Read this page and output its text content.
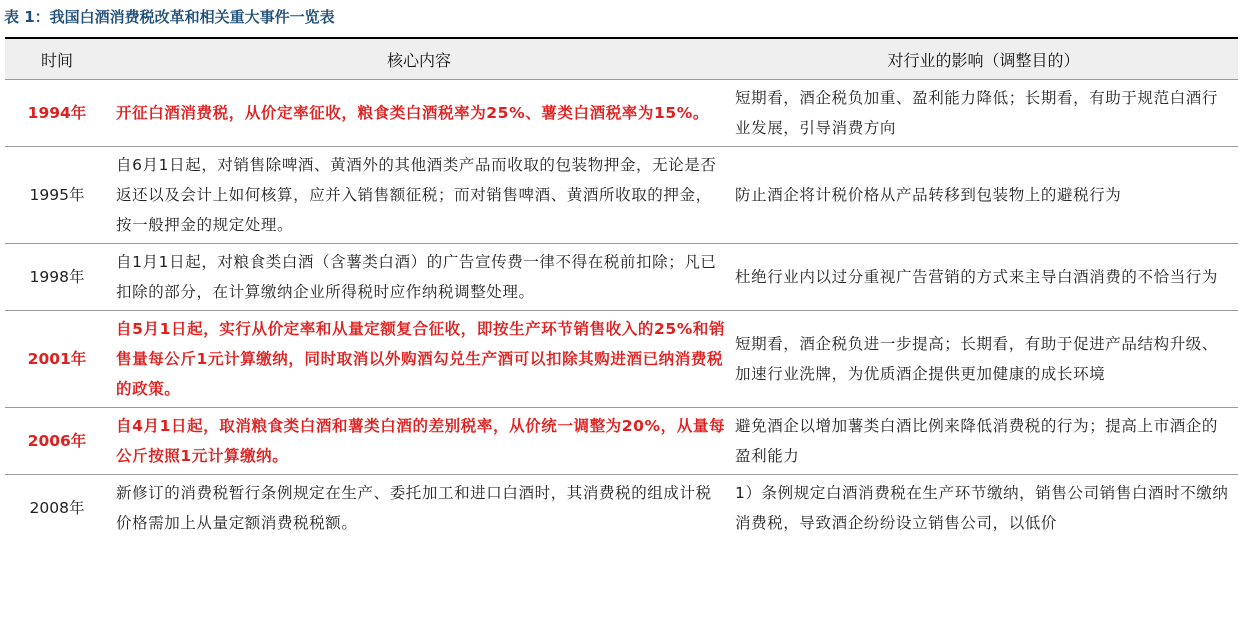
表 1：我国白酒消费税改革和相关重大事件一览表
时间	核心内容	对行业的影响（调整目的）
1994年	开征白酒消费税，从价定率征收，粮食类白酒税率为25%、薯类白酒税率为15%。	短期看，酒企税负加重、盈利能力降低；长期看，有助于规范白酒行业发展，引导消费方向
1995年	自6月1日起，对销售除啤酒、黄酒外的其他酒类产品而收取的包装物押金，无论是否返还以及会计上如何核算，应并入销售额征税；而对销售啤酒、黄酒所收取的押金，按一般押金的规定处理。	防止酒企将计税价格从产品转移到包装物上的避税行为
1998年	自1月1日起，对粮食类白酒（含薯类白酒）的广告宣传费一律不得在税前扣除；凡已扣除的部分，在计算缴纳企业所得税时应作纳税调整处理。	杜绝行业内以过分重视广告营销的方式来主导白酒消费的不恰当行为
2001年	自5月1日起，实行从价定率和从量定额复合征收，即按生产环节销售收入的25%和销售量每公斤1元计算缴纳，同时取消以外购酒勾兑生产酒可以扣除其购进酒已纳消费税的政策。	短期看，酒企税负进一步提高；长期看，有助于促进产品结构升级、加速行业洗牌，为优质酒企提供更加健康的成长环境
2006年	自4月1日起，取消粮食类白酒和薯类白酒的差别税率，从价统一调整为20%，从量每公斤按照1元计算缴纳。	避免酒企以增加薯类白酒比例来降低消费税的行为；提高上市酒企的盈利能力
2008年	新修订的消费税暂行条例规定在生产、委托加工和进口白酒时，其消费税的组成计税价格需加上从量定额消费税税额。	1）条例规定白酒消费税在生产环节缴纳，销售公司销售白酒时不缴纳消费税，导致酒企纷纷设立销售公司，以低价
